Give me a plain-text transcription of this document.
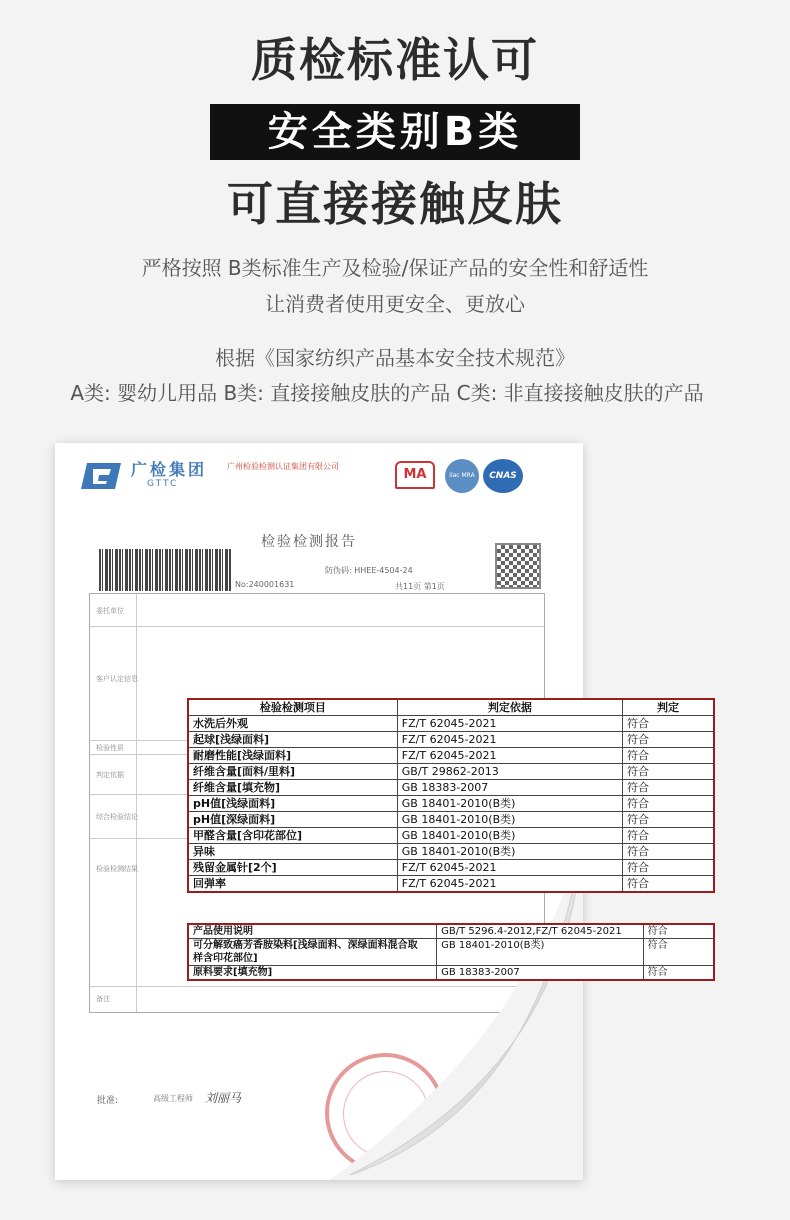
质检标准认可
安全类别B类
可直接接触皮肤
严格按照 B类标准生产及检验/保证产品的安全性和舒适性
让消费者使用更安全、更放心
根据《国家纺织产品基本安全技术规范》
A类: 婴幼儿用品 B类: 直接接触皮肤的产品 C类: 非直接接触皮肤的产品
广检集团
GTTC
广州检验检测认证集团有限公司
MA	ilac MRA	CNAS
检验检测报告
No:240001631
防伪码: HHEE-4504-24
共11页 第1页
委托单位
客户认定信息
检验性质
判定依据
综合检验结论
检验检测结果
备注
批准:	高级工程师 刘丽马
检验检测项目	判定依据	判定
水洗后外观	FZ/T 62045-2021	符合
起球[浅绿面料]	FZ/T 62045-2021	符合
耐磨性能[浅绿面料]	FZ/T 62045-2021	符合
纤维含量[面料/里料]	GB/T 29862-2013	符合
纤维含量[填充物]	GB 18383-2007	符合
pH值[浅绿面料]	GB 18401-2010(B类)	符合
pH值[深绿面料]	GB 18401-2010(B类)	符合
甲醛含量[含印花部位]	GB 18401-2010(B类)	符合
异味	GB 18401-2010(B类)	符合
残留金属针[2个]	FZ/T 62045-2021	符合
回弹率	FZ/T 62045-2021	符合
产品使用说明	GB/T 5296.4-2012,FZ/T 62045-2021	符合

可分解致癌芳香胺染料[浅绿面料、深绿面料混合取
样含印花部位]	GB 18401-2010(B类)	符合
原料要求[填充物]	GB 18383-2007	符合
